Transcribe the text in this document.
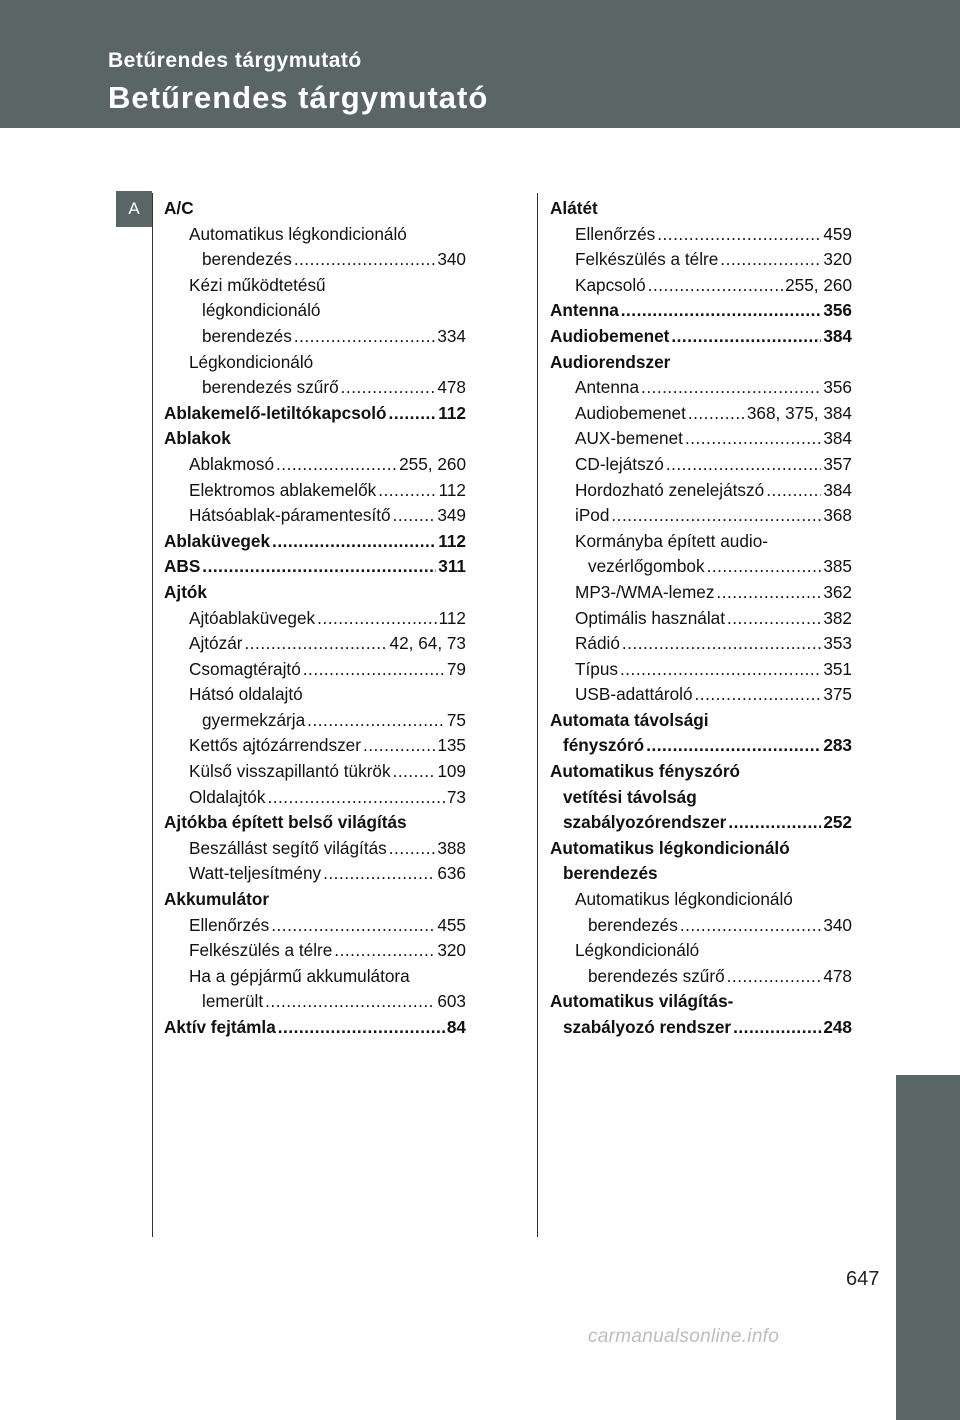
Betűrendes tárgymutató
Betűrendes tárgymutató
A	A/C
Automatikus légkondicionáló
berendezés .....	340
Kézi működtetésű
légkondicionáló
berendezés .....	334
Légkondicionáló
berendezés szűrő .....	478
Ablakemelő-letiltókapcsoló .....	112
Ablakok
Ablakmosó .....	255, 260
Elektromos ablakemelők .....	112
Hátsóablak-páramentesítő .....	349
Ablaküvegek .....	112
ABS .....	311
Ajtók
Ajtóablaküvegek .....	112
Ajtózár .....	42, 64, 73
Csomagtérajtó .....	79
Hátsó oldalajtó
gyermekzárja .....	75
Kettős ajtózárrendszer .....	135
Külső visszapillantó tükrök .....	109
Oldalajtók .....	73
Ajtókba épített belső világítás
Beszállást segítő világítás .....	388
Watt-teljesítmény .....	636
Akkumulátor
Ellenőrzés .....	455
Felkészülés a télre .....	320
Ha a gépjármű akkumulátora
lemerült .....	603
Aktív fejtámla .....	84
Alátét
Ellenőrzés .....	459
Felkészülés a télre .....	320
Kapcsoló .....	255, 260
Antenna .....	356
Audiobemenet .....	384
Audiorendszer
Antenna .....	356
Audiobemenet .....	368, 375, 384
AUX-bemenet .....	384
CD-lejátszó .....	357
Hordozható zenelejátszó .....	384
iPod .....	368
Kormányba épített audio-
vezérlőgombok .....	385
MP3-/WMA-lemez .....	362
Optimális használat .....	382
Rádió .....	353
Típus .....	351
USB-adattároló .....	375
Automata távolsági
fényszóró .....	283
Automatikus fényszóró
vetítési távolság
szabályozórendszer .....	252
Automatikus légkondicionáló
berendezés
Automatikus légkondicionáló
berendezés .....	340
Légkondicionáló
berendezés szűrő .....	478
Automatikus világítás-
szabályozó rendszer .....	248
647
carmanualsonline.info
